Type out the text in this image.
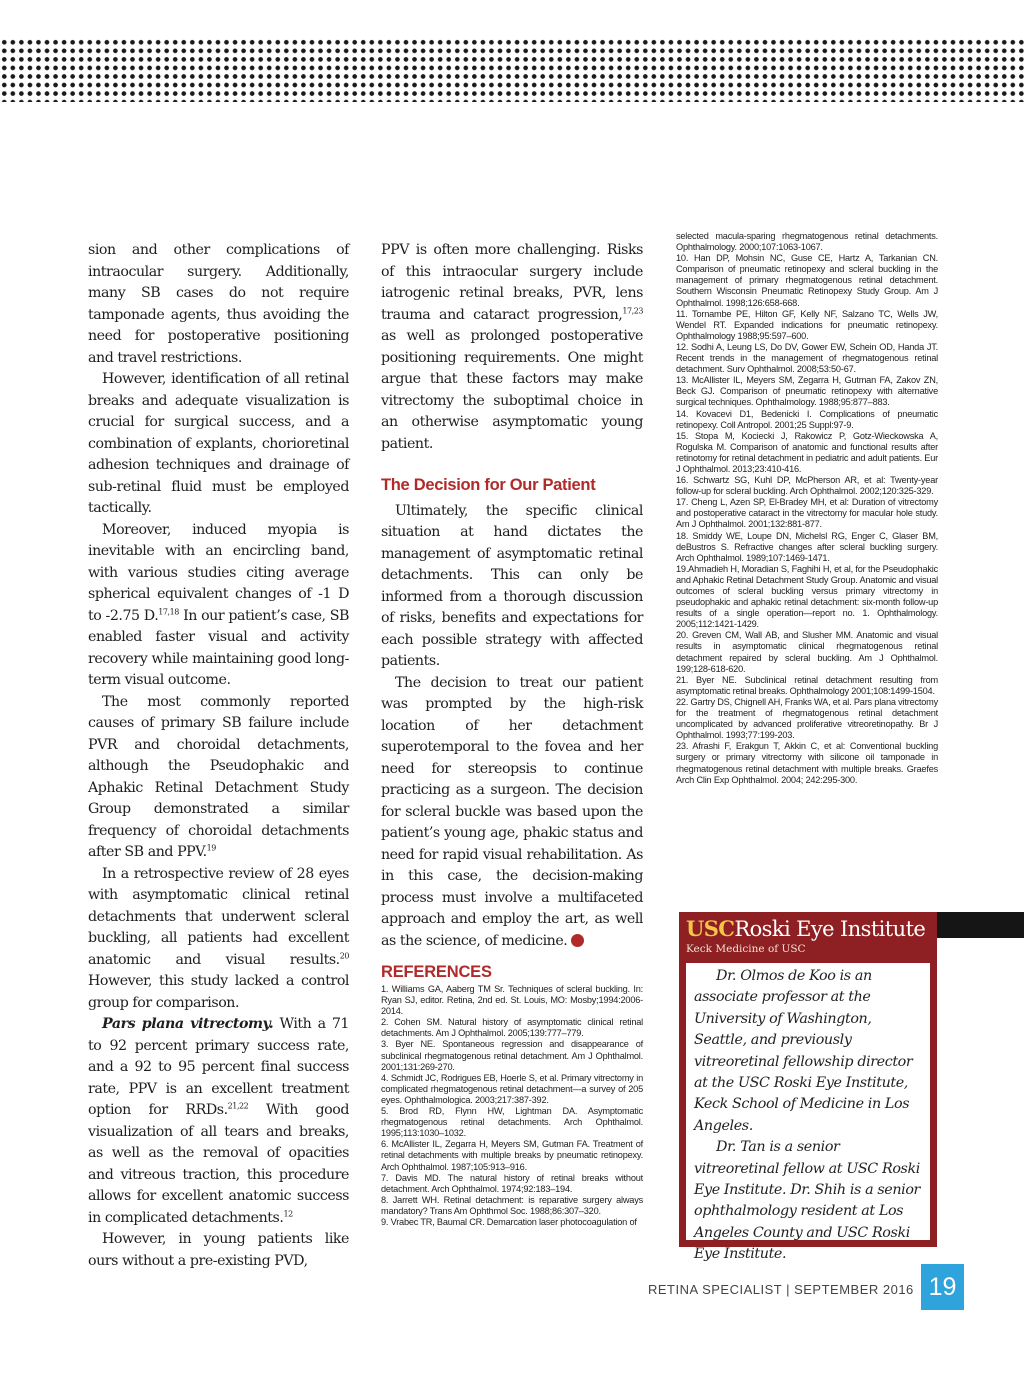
sion and other complications of intraocular surgery. Additionally, many SB cases do not require tamponade agents, thus avoiding the need for postoperative positioning and travel restrictions.

However, identification of all retinal breaks and adequate visualization is crucial for surgical success, and a combination of explants, chorioretinal adhesion techniques and drainage of sub-retinal fluid must be employed tactically.

Moreover, induced myopia is inevitable with an encircling band, with various studies citing average spherical equivalent changes of -1 D to -2.75 D.$^{17,18}$ In our patient’s case, SB enabled faster visual and activity recovery while maintaining good long-term visual outcome.

The most commonly reported causes of primary SB failure include PVR and choroidal detachments, although the Pseudophakic and Aphakic Retinal Detachment Study Group demonstrated a similar frequency of choroidal detachments after SB and PPV.$^{19}$

In a retrospective review of 28 eyes with asymptomatic clinical retinal detachments that underwent scleral buckling, all patients had excellent anatomic and visual results.$^{20}$ However, this study lacked a control group for comparison.

Pars plana vitrectomy. With a 71 to 92 percent primary success rate, and a 92 to 95 percent final success rate, PPV is an excellent treatment option for RRDs.$^{21,22}$ With good visualization of all tears and breaks, as well as the removal of opacities and vitreous traction, this procedure allows for excellent anatomic success in complicated detachments.$^{12}$

However, in young patients like ours without a pre-existing PVD,

PPV is often more challenging. Risks of this intraocular surgery include iatrogenic retinal breaks, PVR, lens trauma and cataract progression,$^{17,23}$ as well as prolonged postoperative positioning requirements. One might argue that these factors may make vitrectomy the suboptimal choice in an otherwise asymptomatic young patient.

The Decision for Our Patient

Ultimately, the specific clinical situation at hand dictates the management of asymptomatic retinal detachments. This can only be informed from a thorough discussion of risks, benefits and expectations for each possible strategy with affected patients.

The decision to treat our patient was prompted by the high-risk location of her detachment superotemporal to the fovea and her need for stereopsis to continue practicing as a surgeon. The decision for scleral buckle was based upon the patient’s young age, phakic status and need for rapid visual rehabilitation. As in this case, the decision-making process must involve a multifaceted approach and employ the art, as well as the science, of medicine.	RS

REFERENCES
1. Williams GA, Aaberg TM Sr. Techniques of scleral buckling. In: Ryan SJ, editor. Retina, 2nd ed. St. Louis, MO: Mosby;1994:2006-2014.
2. Cohen SM. Natural history of asymptomatic clinical retinal detachments. Am J Ophthalmol. 2005;139:777–779.
3. Byer NE. Spontaneous regression and disappearance of subclinical rhegmatogenous retinal detachment. Am J Ophthalmol. 2001;131:269-270.
4. Schmidt JC, Rodrigues EB, Hoerle S, et al. Primary vitrectomy in complicated rhegmatogenous retinal detachment—a survey of 205 eyes. Ophthalmologica. 2003;217:387-392.
5. Brod RD, Flynn HW, Lightman DA. Asymptomatic rhegmatogenous retinal detachments. Arch Ophthalmol. 1995;113:1030–1032.
6. McAllister IL, Zegarra H, Meyers SM, Gutman FA. Treatment of retinal detachments with multiple breaks by pneumatic retinopexy. Arch Ophthalmol. 1987;105:913–916.
7. Davis MD. The natural history of retinal breaks without detachment. Arch Ophthalmol. 1974;92:183–194.
8. Jarrett WH. Retinal detachment: is reparative surgery always mandatory? Trans Am Ophthmol Soc. 1988;86:307–320.
9. Vrabec TR, Baumal CR. Demarcation laser photocoagulation of
selected macula-sparing rhegmatogenous retinal detachments. Ophthalmology. 2000;107:1063-1067.
10. Han DP, Mohsin NC, Guse CE, Hartz A, Tarkanian CN. Comparison of pneumatic retinopexy and scleral buckling in the management of primary rhegmatogenous retinal detachment. Southern Wisconsin Pneumatic Retinopexy Study Group. Am J Ophthalmol. 1998;126:658-668.
11. Tornambe PE, Hilton GF, Kelly NF, Salzano TC, Wells JW, Wendel RT. Expanded indications for pneumatic retinopexy. Ophthalmology 1988;95:597–600.
12. Sodhi A, Leung LS, Do DV, Gower EW, Schein OD, Handa JT. Recent trends in the management of rhegmatogenous retinal detachment. Surv Ophthalmol. 2008;53:50-67.
13. McAllister IL, Meyers SM, Zegarra H, Gutman FA, Zakov ZN, Beck GJ. Comparison of pneumatic retinopexy with alternative surgical techniques. Ophthalmology. 1988;95:877–883.
14. Kovacevi D1, Bedenicki I. Complications of pneumatic retinopexy. Coll Antropol. 2001;25 Suppl:97-9.
15. Stopa M, Kociecki J, Rakowicz P, Gotz-Wieckowska A, Rogulska M. Comparison of anatomic and functional results after retinotomy for retinal detachment in pediatric and adult patients. Eur J Ophthalmol. 2013;23:410-416.
16. Schwartz SG, Kuhl DP, McPherson AR, et al: Twenty-year follow-up for scleral buckling. Arch Ophthalmol. 2002;120:325-329.
17. Cheng L, Azen SP, El-Bradey MH, et al: Duration of vitrectomy and postoperative cataract in the vitrectomy for macular hole study. Am J Ophthalmol. 2001;132:881-877.
18. Smiddy WE, Loupe DN, Michelsl RG, Enger C, Glaser BM, deBustros S. Refractive changes after scleral buckling surgery. Arch Ophthalmol. 1989;107:1469-1471.
19.Ahmadieh H, Moradian S, Faghihi H, et al, for the Pseudophakic and Aphakic Retinal Detachment Study Group. Anatomic and visual outcomes of scleral buckling versus primary vitrectomy in pseudophakic and aphakic retinal detachment: six-month follow-up results of a single operation—report no. 1. Ophthalmology. 2005;112:1421-1429.
20. Greven CM, Wall AB, and Slusher MM. Anatomic and visual results in asymptomatic clinical rhegmatogenous retinal detachment repaired by scleral buckling. Am J Ophthalmol. 199;128-618-620.
21. Byer NE. Subclinical retinal detachment resulting from asymptomatic retinal breaks. Ophthalmology 2001;108:1499-1504.
22. Gartry DS, Chignell AH, Franks WA, et al. Pars plana vitrectomy for the treatment of rhegmatogenous retinal detachment uncomplicated by advanced proliferative vitreoretinopathy. Br J Ophthalmol. 1993;77:199-203.
23. Afrashi F, Erakgun T, Akkin C, et al: Conventional buckling surgery or primary vitrectomy with silicone oil tamponade in rhegmatogenous retinal detachment with multiple breaks. Graefes Arch Clin Exp Ophthalmol. 2004; 242:295-300.
USCRoski Eye Institute
Keck Medicine of USC

Dr. Olmos de Koo is an associate professor at the University of Washington, Seattle, and previously vitreoretinal fellowship director at the USC Roski Eye Institute, Keck School of Medicine in Los Angeles.

Dr. Tan is a senior vitreoretinal fellow at USC Roski Eye Institute. Dr. Shih is a senior ophthalmology resident at Los Angeles County and USC Roski Eye Institute.

RETINA SPECIALIST | SEPTEMBER 2016 19
